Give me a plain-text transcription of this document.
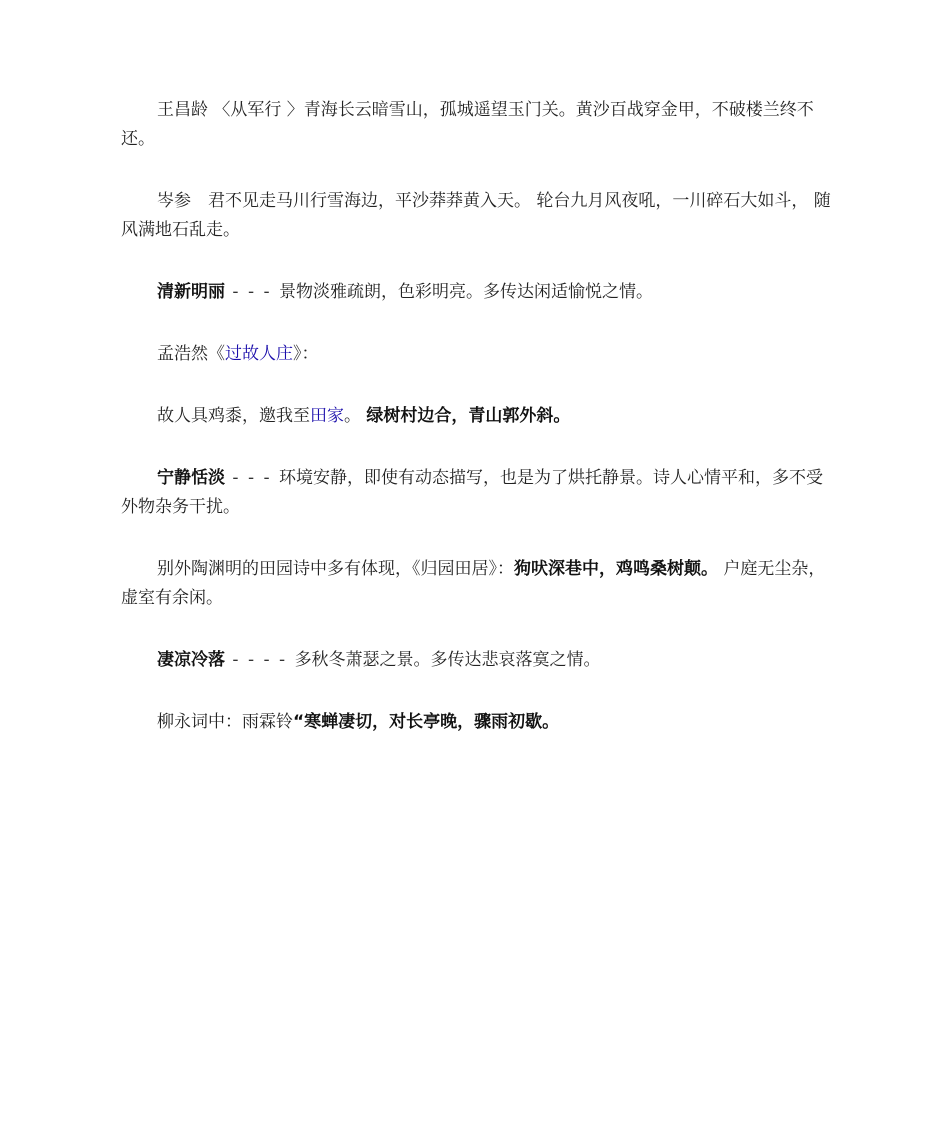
王昌龄 〈从军行 〉青海长云暗雪山，孤城遥望玉门关。黄沙百战穿金甲，不破楼兰终不还。

岑参　君不见走马川行雪海边，平沙莽莽黄入天。 轮台九月风夜吼，一川碎石大如斗， 随风满地石乱走。

清新明丽 - - - 景物淡雅疏朗，色彩明亮。多传达闲适愉悦之情。

孟浩然《过故人庄》：

故人具鸡黍，邀我至田家。 绿树村边合，青山郭外斜。

宁静恬淡 - - - 环境安静，即使有动态描写，也是为了烘托静景。诗人心情平和，多不受外物杂务干扰。

别外陶渊明的田园诗中多有体现，《归园田居》：狗吠深巷中，鸡鸣桑树颠。 户庭无尘杂，虚室有余闲。

凄凉冷落 - - - - 多秋冬萧瑟之景。多传达悲哀落寞之情。

柳永词中：雨霖铃“寒蝉凄切，对长亭晚，骤雨初歇。
